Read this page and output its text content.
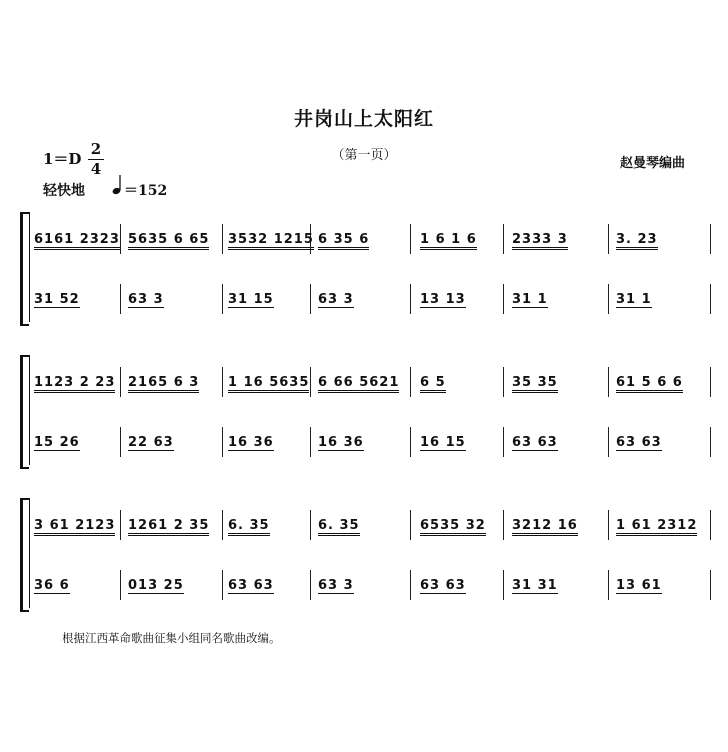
井岗山上太阳红
（第一页）
1＝D
2
4	赵曼琴编曲
轻快地	＝152
6161 2323 5635 6 65 3532 1215 6 35 6	1 6 1 6	2333 3	3. 23
31 52	63 3	31 15	63 3	13 13	31 1	31 1
1123 2 23 2165 6 3 1 16 5635 6 66 5621 6 5	35 35	61 5 6 6
15 26	22 63	16 36	16 36	16 15	63 63	63 63
3 61 2123 1261 2 35 6. 35	6. 35	6535 32 3212 16	1 61 2312
36 6	013 25	63 63	63 3	63 63	31 31	13 61
根据江西革命歌曲征集小组同名歌曲改编。
